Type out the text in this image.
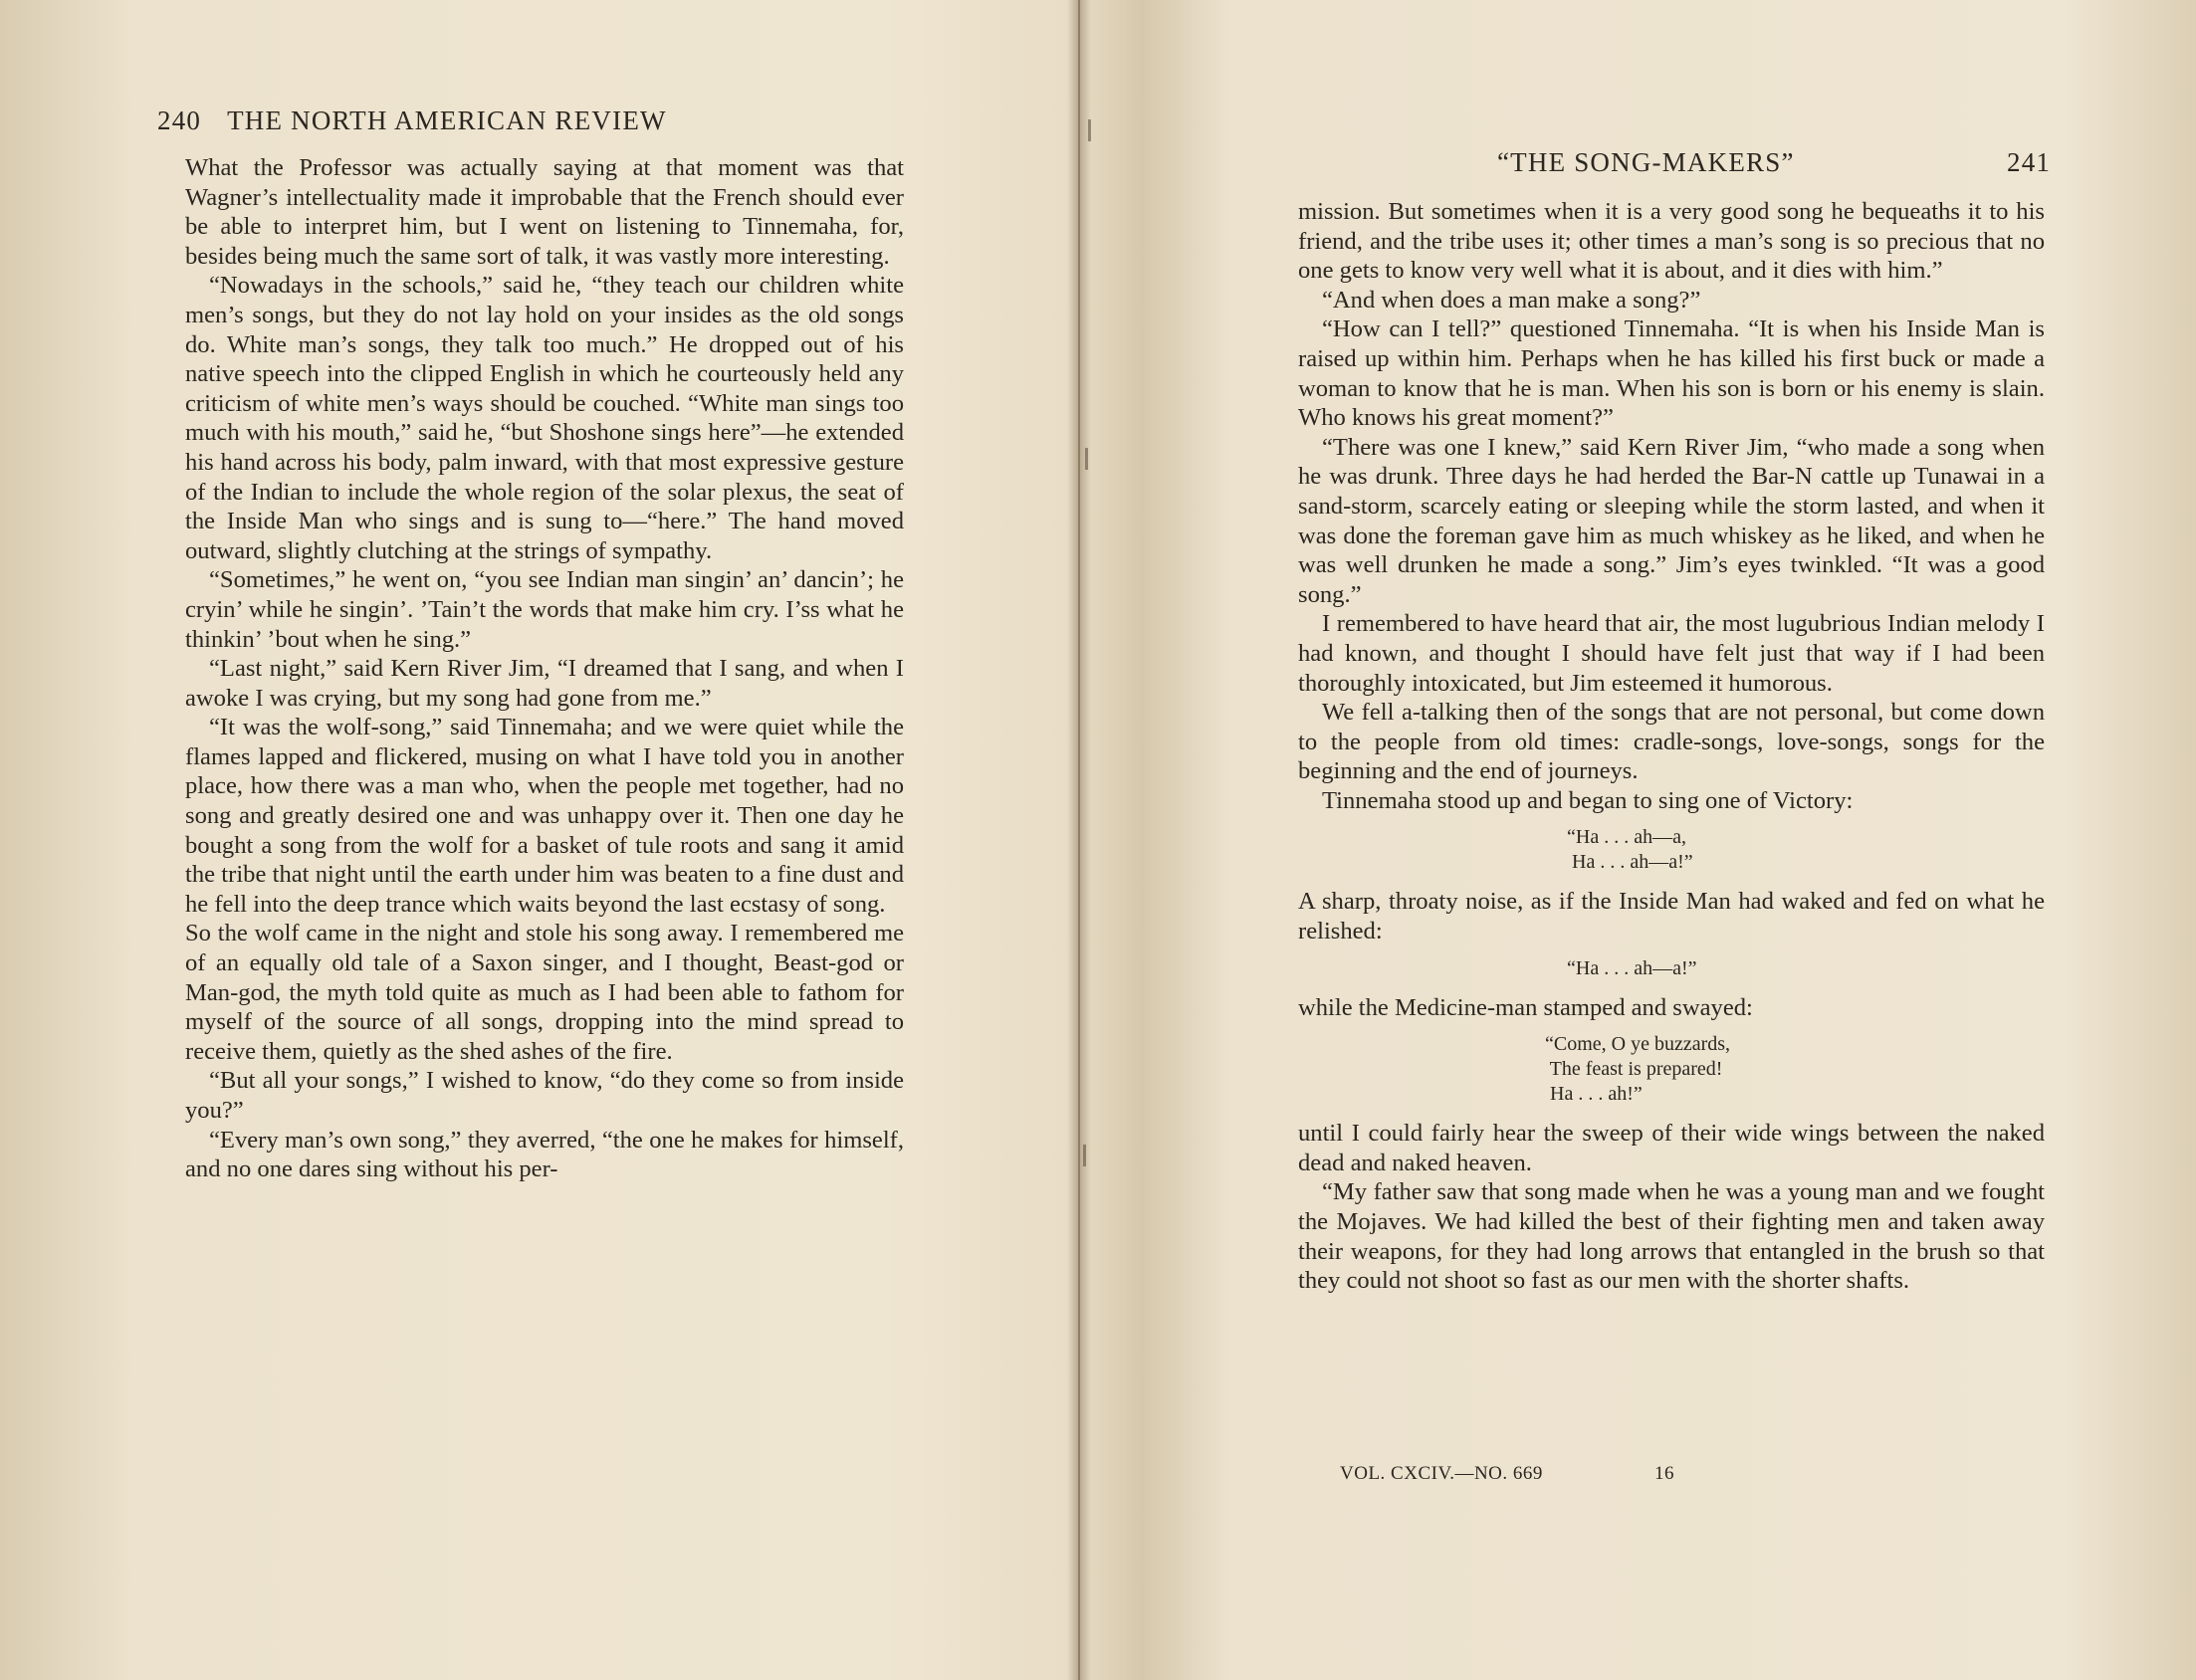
240 THE NORTH AMERICAN REVIEW

What the Professor was actually saying at that moment was that Wagner’s intellectuality made it improbable that the French should ever be able to interpret him, but I went on listening to Tinnemaha, for, besides being much the same sort of talk, it was vastly more interesting.

“Nowadays in the schools,” said he, “they teach our children white men’s songs, but they do not lay hold on your insides as the old songs do. White man’s songs, they talk too much.” He dropped out of his native speech into the clipped English in which he courteously held any criticism of white men’s ways should be couched. “White man sings too much with his mouth,” said he, “but Shoshone sings here”—he extended his hand across his body, palm inward, with that most expressive gesture of the Indian to include the whole region of the solar plexus, the seat of the Inside Man who sings and is sung to—“here.” The hand moved outward, slightly clutching at the strings of sympathy.

“Sometimes,” he went on, “you see Indian man singin’ an’ dancin’; he cryin’ while he singin’. ’Tain’t the words that make him cry. I’ss what he thinkin’ ’bout when he sing.”

“Last night,” said Kern River Jim, “I dreamed that I sang, and when I awoke I was crying, but my song had gone from me.”

“It was the wolf-song,” said Tinnemaha; and we were quiet while the flames lapped and flickered, musing on what I have told you in another place, how there was a man who, when the people met together, had no song and greatly desired one and was unhappy over it. Then one day he bought a song from the wolf for a basket of tule roots and sang it amid the tribe that night until the earth under him was beaten to a fine dust and he fell into the deep trance which waits beyond the last ecstasy of song.

So the wolf came in the night and stole his song away. I remembered me of an equally old tale of a Saxon singer, and I thought, Beast-god or Man-god, the myth told quite as much as I had been able to fathom for myself of the source of all songs, dropping into the mind spread to receive them, quietly as the shed ashes of the fire.

“But all your songs,” I wished to know, “do they come so from inside you?”

“Every man’s own song,” they averred, “the one he makes for himself, and no one dares sing without his per-

“THE SONG-MAKERS”	241

mission. But sometimes when it is a very good song he bequeaths it to his friend, and the tribe uses it; other times a man’s song is so precious that no one gets to know very well what it is about, and it dies with him.”

“And when does a man make a song?”

“How can I tell?” questioned Tinnemaha. “It is when his Inside Man is raised up within him. Perhaps when he has killed his first buck or made a woman to know that he is man. When his son is born or his enemy is slain. Who knows his great moment?”

“There was one I knew,” said Kern River Jim, “who made a song when he was drunk. Three days he had herded the Bar-N cattle up Tunawai in a sand-storm, scarcely eating or sleeping while the storm lasted, and when it was done the foreman gave him as much whiskey as he liked, and when he was well drunken he made a song.” Jim’s eyes twinkled. “It was a good song.”

I remembered to have heard that air, the most lugubrious Indian melody I had known, and thought I should have felt just that way if I had been thoroughly intoxicated, but Jim esteemed it humorous.

We fell a-talking then of the songs that are not personal, but come down to the people from old times: cradle-songs, love-songs, songs for the beginning and the end of journeys.

Tinnemaha stood up and began to sing one of Victory:

“Ha . . . ah—a,
Ha . . . ah—a!”

A sharp, throaty noise, as if the Inside Man had waked and fed on what he relished:

“Ha . . . ah—a!”

while the Medicine-man stamped and swayed:

“Come, O ye buzzards,
The feast is prepared!
Ha . . . ah!”

until I could fairly hear the sweep of their wide wings between the naked dead and naked heaven.

“My father saw that song made when he was a young man and we fought the Mojaves. We had killed the best of their fighting men and taken away their weapons, for they had long arrows that entangled in the brush so that they could not shoot so fast as our men with the shorter shafts.

VOL. CXCIV.—NO. 669	16
